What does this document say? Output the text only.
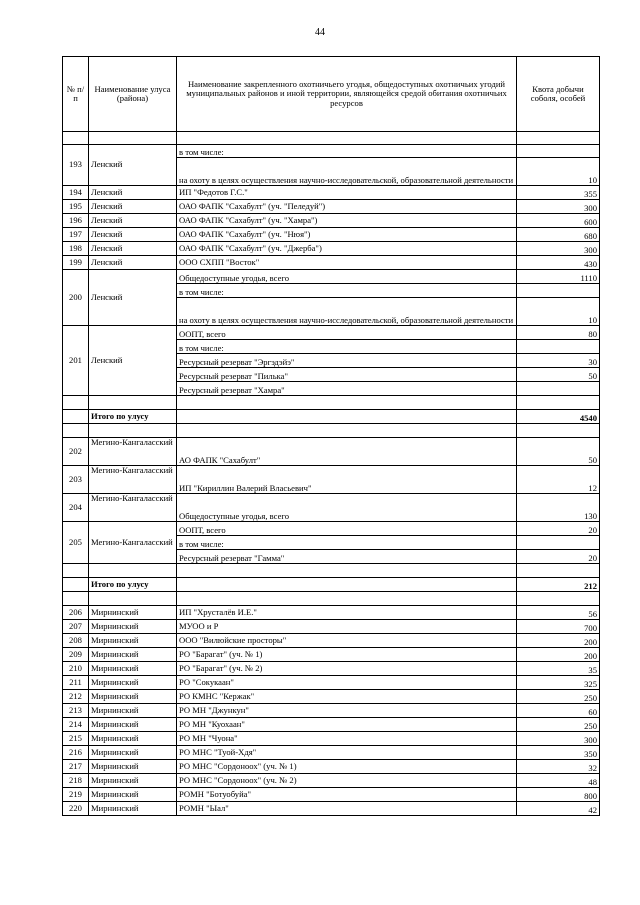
44
№ п/п	Наименование улуса (района)	Наименование закрепленного охотничьего угодья, общедоступных охотничьих угодий муниципальных районов и иной территории, являющейся средой обитания охотничьих ресурсов	Квота добычи соболя, особей

193	Ленский	в том числе:	
		на охоту в целях осуществления научно-исследовательской, образовательной деятельности	10
194	Ленский	ИП "Федотов Г.С."	355
195	Ленский	ОАО ФАПК "Сахабулт" (уч. "Пеледуй")	300
196	Ленский	ОАО ФАПК "Сахабулт" (уч. "Хамра")	600
197	Ленский	ОАО ФАПК "Сахабулт" (уч. "Нюя")	680
198	Ленский	ОАО ФАПК "Сахабулт" (уч. "Джерба")	300
199	Ленский	ООО СХПП "Восток"	430
200	Ленский	Общедоступные угодья, всего	1110
		в том числе:	
		на охоту в целях осуществления научно-исследовательской, образовательной деятельности	10
201	Ленский	ООПТ, всего	80
		в том числе:	
		Ресурсный резерват "Эргэдэйэ"	30
		Ресурсный резерват "Пилька"	50
		Ресурсный резерват "Хамра"	

	Итого по улусу		4540

202	Мегино-Кангаласский	АО ФАПК "Сахабулт"	50
203	Мегино-Кангаласский	ИП "Кириллин Валерий Власьевич"	12
204	Мегино-Кангаласский	Общедоступные угодья, всего	130
205	Мегино-Кангаласский	ООПТ, всего	20
		в том числе:	
		Ресурсный резерват "Гамма"	20

	Итого по улусу		212

206	Мирнинский	ИП "Хрусталёв И.Е."	56
207	Мирнинский	МУОО и Р	700
208	Мирнинский	ООО "Вилюйские просторы"	200
209	Мирнинский	РО "Барагат" (уч. № 1)	200
210	Мирнинский	РО "Барагат" (уч. № 2)	35
211	Мирнинский	РО "Сокукаан"	325
212	Мирнинский	РО КМНС "Кержак"	250
213	Мирнинский	РО МН "Джункун"	60
214	Мирнинский	РО МН "Куохаан"	250
215	Мирнинский	РО МН "Чуона"	300
216	Мирнинский	РО МНС "Туой-Хдя"	350
217	Мирнинский	РО МНС "Сордоноох" (уч. № 1)	32
218	Мирнинский	РО МНС "Сордоноох" (уч. № 2)	48
219	Мирнинский	РОМН "Ботуобуйа"	800
220	Мирнинский	РОМН "Ыал"	42
